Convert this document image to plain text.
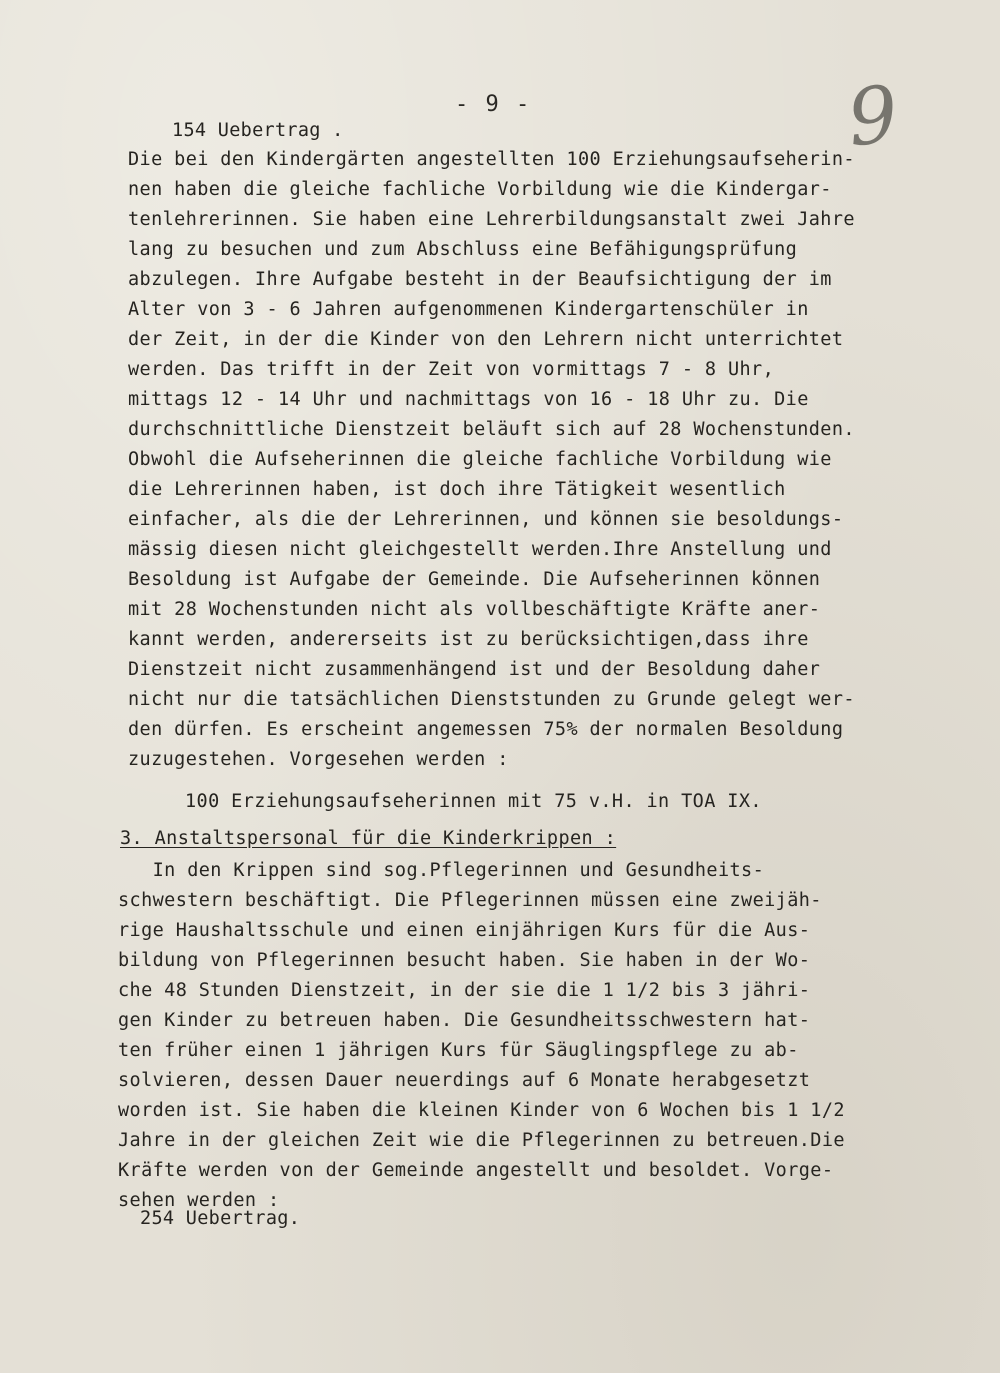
- 9 -	9
154 Uebertrag .
Die bei den Kindergärten angestellten 100 Erziehungsaufseherin-
nen haben die gleiche fachliche Vorbildung wie die Kindergar-
tenlehrerinnen. Sie haben eine Lehrerbildungsanstalt zwei Jahre
lang zu besuchen und zum Abschluss eine Befähigungsprüfung
abzulegen. Ihre Aufgabe besteht in der Beaufsichtigung der im
Alter von 3 - 6 Jahren aufgenommenen Kindergartenschüler in
der Zeit, in der die Kinder von den Lehrern nicht unterrichtet
werden. Das trifft in der Zeit von vormittags 7 - 8 Uhr,
mittags 12 - 14 Uhr und nachmittags von 16 - 18 Uhr zu. Die
durchschnittliche Dienstzeit beläuft sich auf 28 Wochenstunden.
Obwohl die Aufseherinnen die gleiche fachliche Vorbildung wie
die Lehrerinnen haben, ist doch ihre Tätigkeit wesentlich
einfacher, als die der Lehrerinnen, und können sie besoldungs-
mässig diesen nicht gleichgestellt werden.Ihre Anstellung und
Besoldung ist Aufgabe der Gemeinde. Die Aufseherinnen können
mit 28 Wochenstunden nicht als vollbeschäftigte Kräfte aner-
kannt werden, andererseits ist zu berücksichtigen,dass ihre
Dienstzeit nicht zusammenhängend ist und der Besoldung daher
nicht nur die tatsächlichen Dienststunden zu Grunde gelegt wer-
den dürfen. Es erscheint angemessen 75% der normalen Besoldung
zuzugestehen. Vorgesehen werden :
100 Erziehungsaufseherinnen mit 75 v.H. in TOA IX.
3. Anstaltspersonal für die Kinderkrippen :
In den Krippen sind sog.Pflegerinnen und Gesundheits-
schwestern beschäftigt. Die Pflegerinnen müssen eine zweijäh-
rige Haushaltsschule und einen einjährigen Kurs für die Aus-
bildung von Pflegerinnen besucht haben. Sie haben in der Wo-
che 48 Stunden Dienstzeit, in der sie die 1 1/2 bis 3 jähri-
gen Kinder zu betreuen haben. Die Gesundheitsschwestern hat-
ten früher einen 1 jährigen Kurs für Säuglingspflege zu ab-
solvieren, dessen Dauer neuerdings auf 6 Monate herabgesetzt
worden ist. Sie haben die kleinen Kinder von 6 Wochen bis 1 1/2
Jahre in der gleichen Zeit wie die Pflegerinnen zu betreuen.Die
Kräfte werden von der Gemeinde angestellt und besoldet. Vorge-
sehen werden :
254 Uebertrag.
